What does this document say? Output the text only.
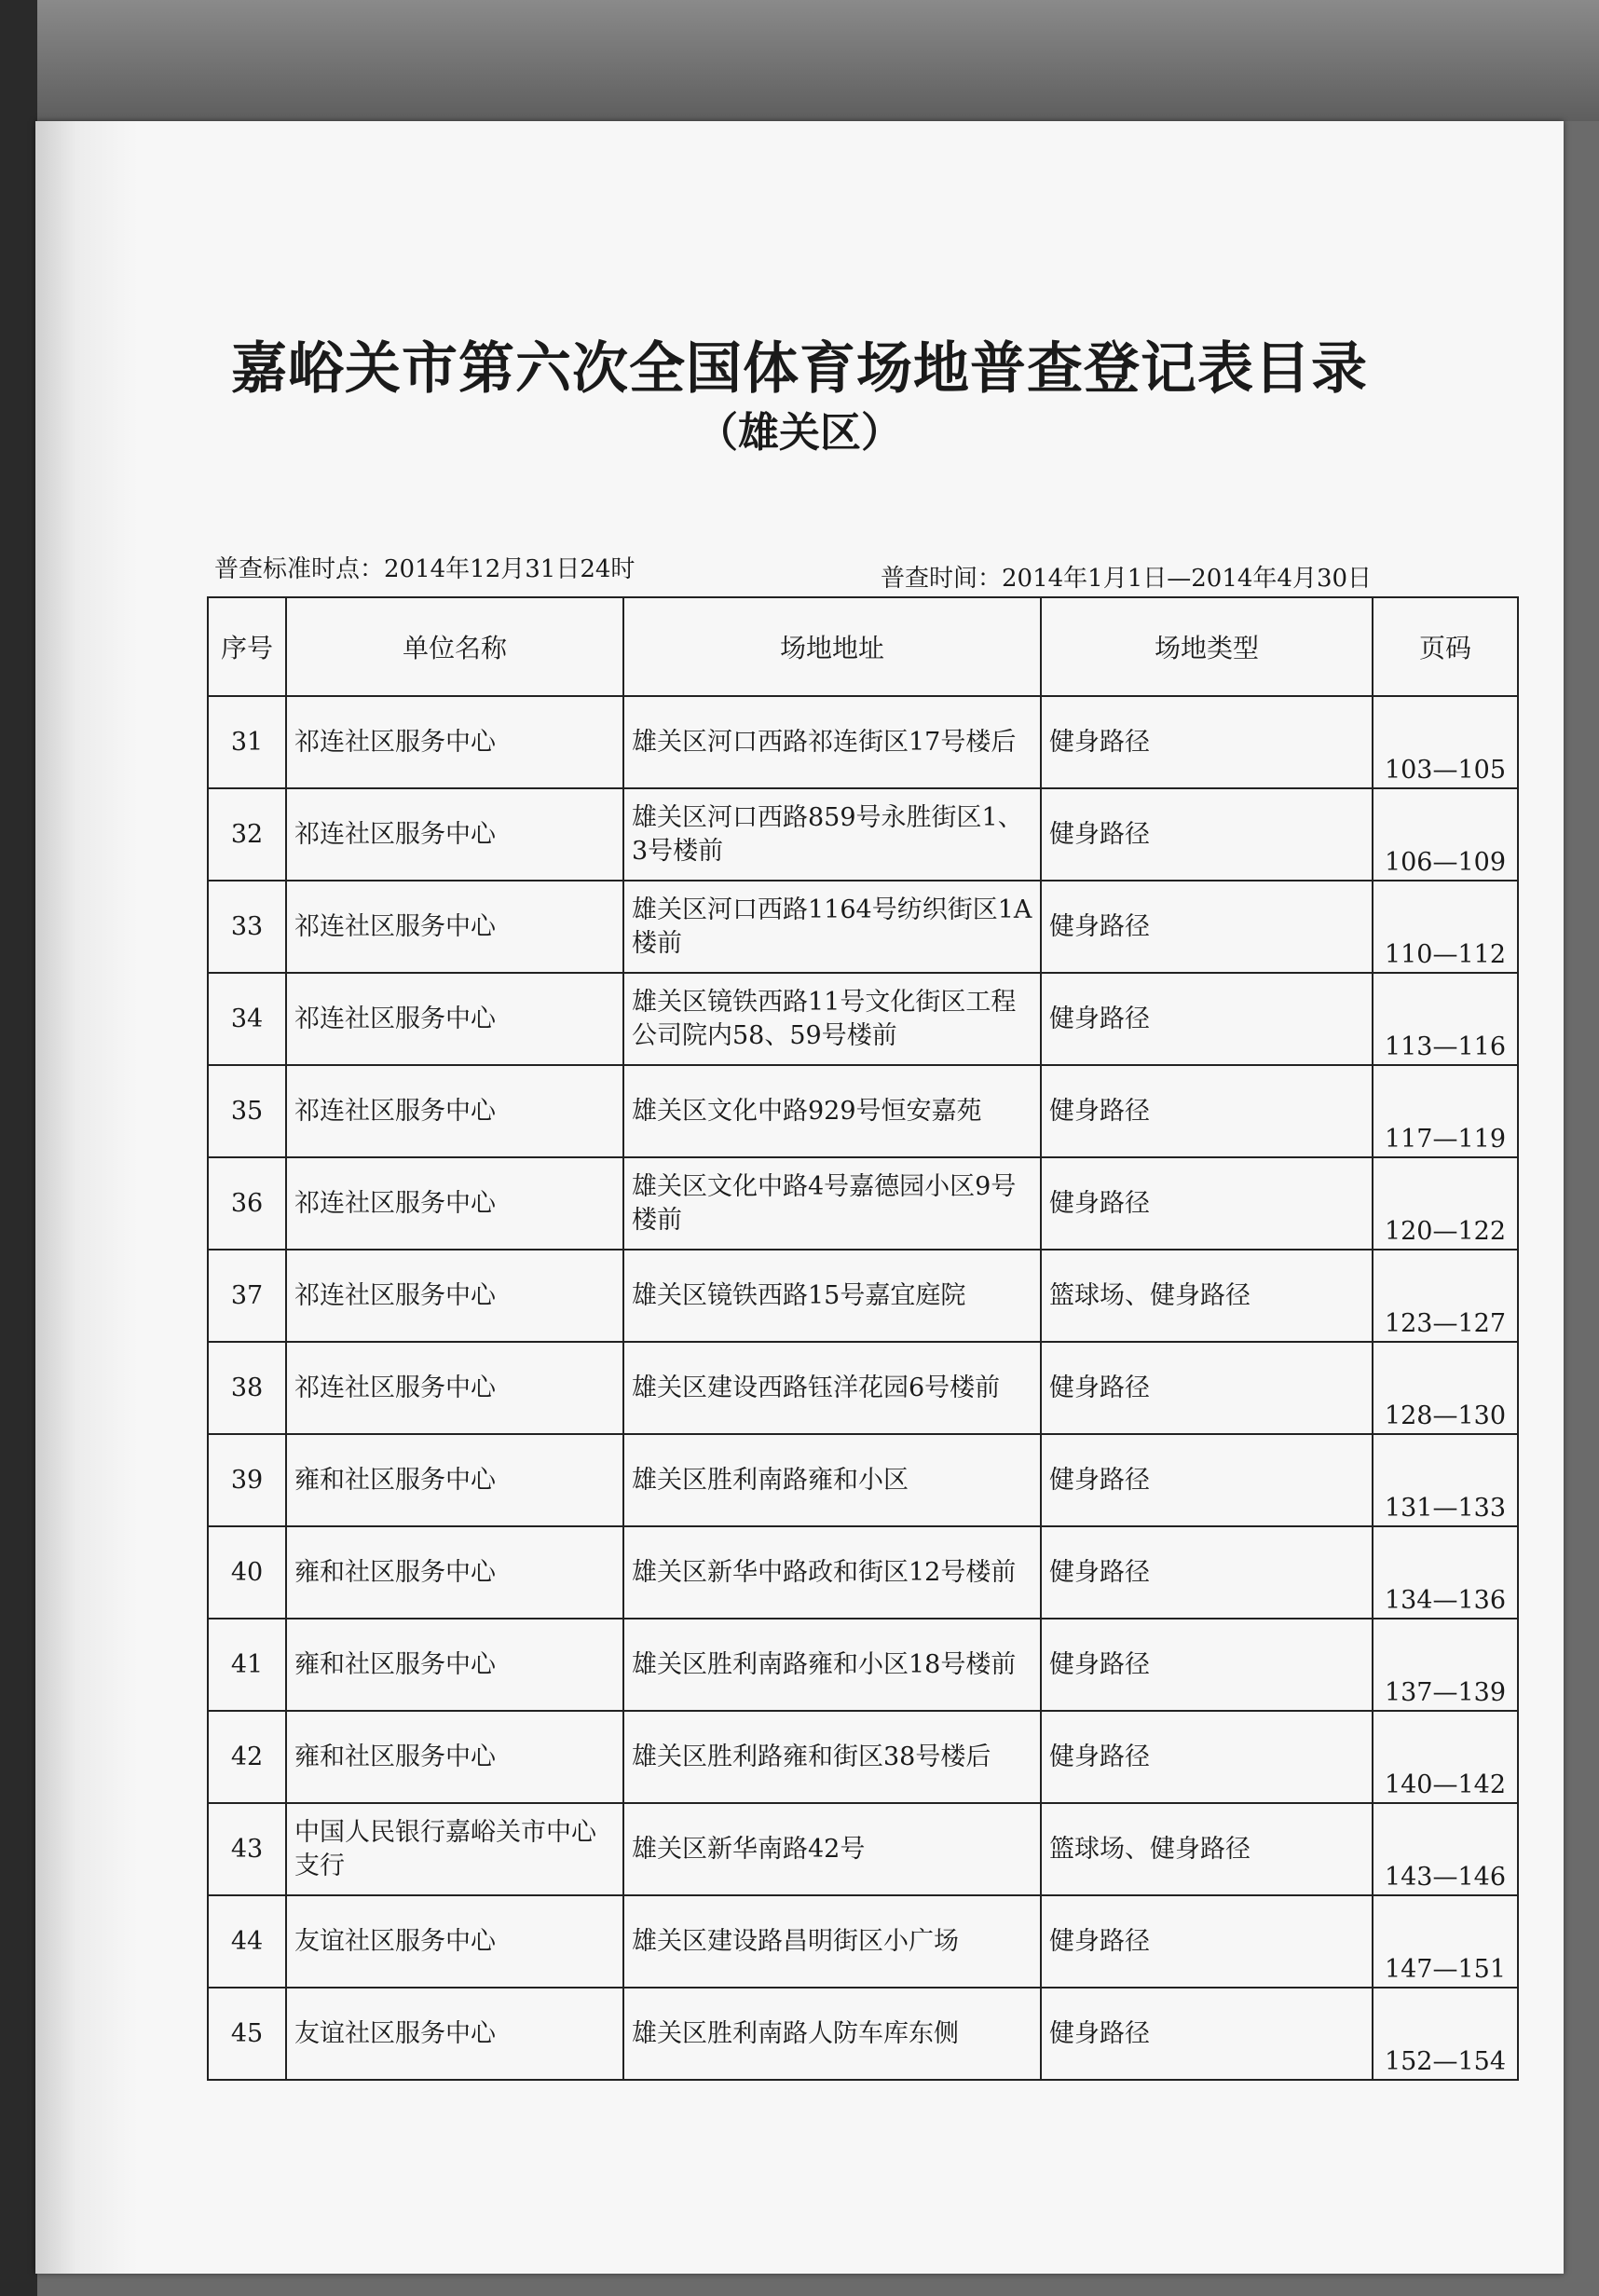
嘉峪关市第六次全国体育场地普查登记表目录
（雄关区）
普查标准时点：2014年12月31日24时	普查时间：2014年1月1日—2014年4月30日
序号	单位名称	场地地址	场地类型	页码
31	祁连社区服务中心	雄关区河口西路祁连街区17号楼后	健身路径	103—105
32	祁连社区服务中心	雄关区河口西路859号永胜街区1、3号楼前	健身路径	106—109
33	祁连社区服务中心	雄关区河口西路1164号纺织街区1A楼前	健身路径	110—112
34	祁连社区服务中心	雄关区镜铁西路11号文化街区工程公司院内58、59号楼前	健身路径	113—116
35	祁连社区服务中心	雄关区文化中路929号恒安嘉苑	健身路径	117—119
36	祁连社区服务中心	雄关区文化中路4号嘉德园小区9号楼前	健身路径	120—122
37	祁连社区服务中心	雄关区镜铁西路15号嘉宜庭院	篮球场、健身路径	123—127
38	祁连社区服务中心	雄关区建设西路钰洋花园6号楼前	健身路径	128—130
39	雍和社区服务中心	雄关区胜利南路雍和小区	健身路径	131—133
40	雍和社区服务中心	雄关区新华中路政和街区12号楼前	健身路径	134—136
41	雍和社区服务中心	雄关区胜利南路雍和小区18号楼前	健身路径	137—139
42	雍和社区服务中心	雄关区胜利路雍和街区38号楼后	健身路径	140—142
43	中国人民银行嘉峪关市中心支行	雄关区新华南路42号	篮球场、健身路径	143—146
44	友谊社区服务中心	雄关区建设路昌明街区小广场	健身路径	147—151
45	友谊社区服务中心	雄关区胜利南路人防车库东侧	健身路径	152—154
